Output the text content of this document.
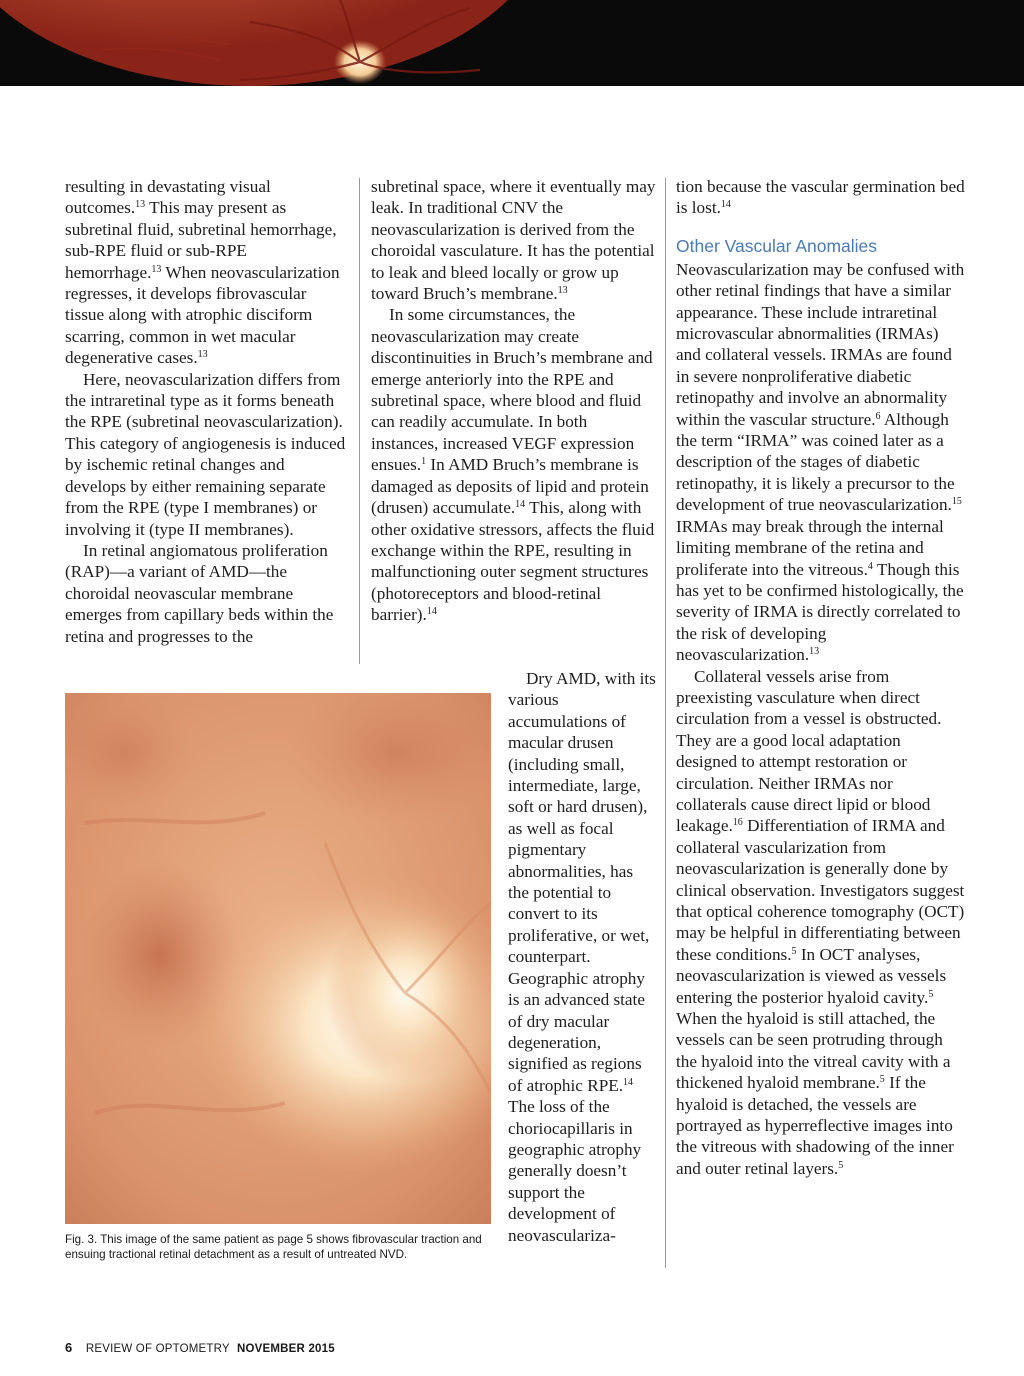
resulting in devastating visual outcomes.$^{13}$ This may present as subretinal fluid, subretinal hemorrhage, sub-RPE fluid or sub-RPE hemorrhage.$^{13}$ When neovascularization regresses, it develops fibrovascular tissue along with atrophic disciform scarring, common in wet macular degenerative cases.$^{13}$

Here, neovascularization differs from the intraretinal type as it forms beneath the RPE (subretinal neovascularization). This category of angiogenesis is induced by ischemic retinal changes and develops by either remaining separate from the RPE (type I membranes) or involving it (type II membranes).

In retinal angiomatous proliferation (RAP)—a variant of AMD—the choroidal neovascular membrane emerges from capillary beds within the retina and progresses to the

subretinal space, where it eventually may leak. In traditional CNV the neovascularization is derived from the choroidal vasculature. It has the potential to leak and bleed locally or grow up toward Bruch’s membrane.$^{13}$

In some circumstances, the neovascularization may create discontinuities in Bruch’s membrane and emerge anteriorly into the RPE and subretinal space, where blood and fluid can readily accumulate. In both instances, increased VEGF expression ensues.$^1$ In AMD Bruch’s membrane is damaged as deposits of lipid and protein (drusen) accumulate.$^{14}$ This, along with other oxidative stressors, affects the fluid exchange within the RPE, resulting in malfunctioning outer segment structures (photoreceptors and blood-retinal barrier).$^{14}$

Dry AMD, with its various accumulations of macular drusen (including small, intermediate, large, soft or hard drusen), as well as focal pigmentary abnormalities, has the potential to convert to its proliferative, or wet, counterpart. Geographic atrophy is an advanced state of dry macular degeneration, signified as regions of atrophic RPE.$^{14}$ The loss of the choriocapillaris in geographic atrophy generally doesn’t support the development of neovasculariza-

tion because the vascular germination bed is lost.$^{14}$

Other Vascular Anomalies

Neovascularization may be confused with other retinal findings that have a similar appearance. These include intraretinal microvascular abnormalities (IRMAs) and collateral vessels. IRMAs are found in severe nonproliferative diabetic retinopathy and involve an abnormality within the vascular structure.$^6$ Although the term “IRMA” was coined later as a description of the stages of diabetic retinopathy, it is likely a precursor to the development of true neovascularization.$^{15}$ IRMAs may break through the internal limiting membrane of the retina and proliferate into the vitreous.$^4$ Though this has yet to be confirmed histologically, the severity of IRMA is directly correlated to the risk of developing neovascularization.$^{13}$

Collateral vessels arise from preexisting vasculature when direct circulation from a vessel is obstructed. They are a good local adaptation designed to attempt restoration or circulation. Neither IRMAs nor collaterals cause direct lipid or blood leakage.$^{16}$ Differentiation of IRMA and collateral vascularization from neovascularization is generally done by clinical observation. Investigators suggest that optical coherence tomography (OCT) may be helpful in differentiating between these conditions.$^5$ In OCT analyses, neovascularization is viewed as vessels entering the posterior hyaloid cavity.$^5$ When the hyaloid is still attached, the vessels can be seen protruding through the hyaloid into the vitreal cavity with a thickened hyaloid membrane.$^5$ If the hyaloid is detached, the vessels are portrayed as hyperreflective images into the vitreous with shadowing of the inner and outer retinal layers.$^5$

Fig. 3. This image of the same patient as page 5 shows fibrovascular traction and ensuing tractional retinal detachment as a result of untreated NVD.
6 REVIEW OF OPTOMETRY NOVEMBER 2015
